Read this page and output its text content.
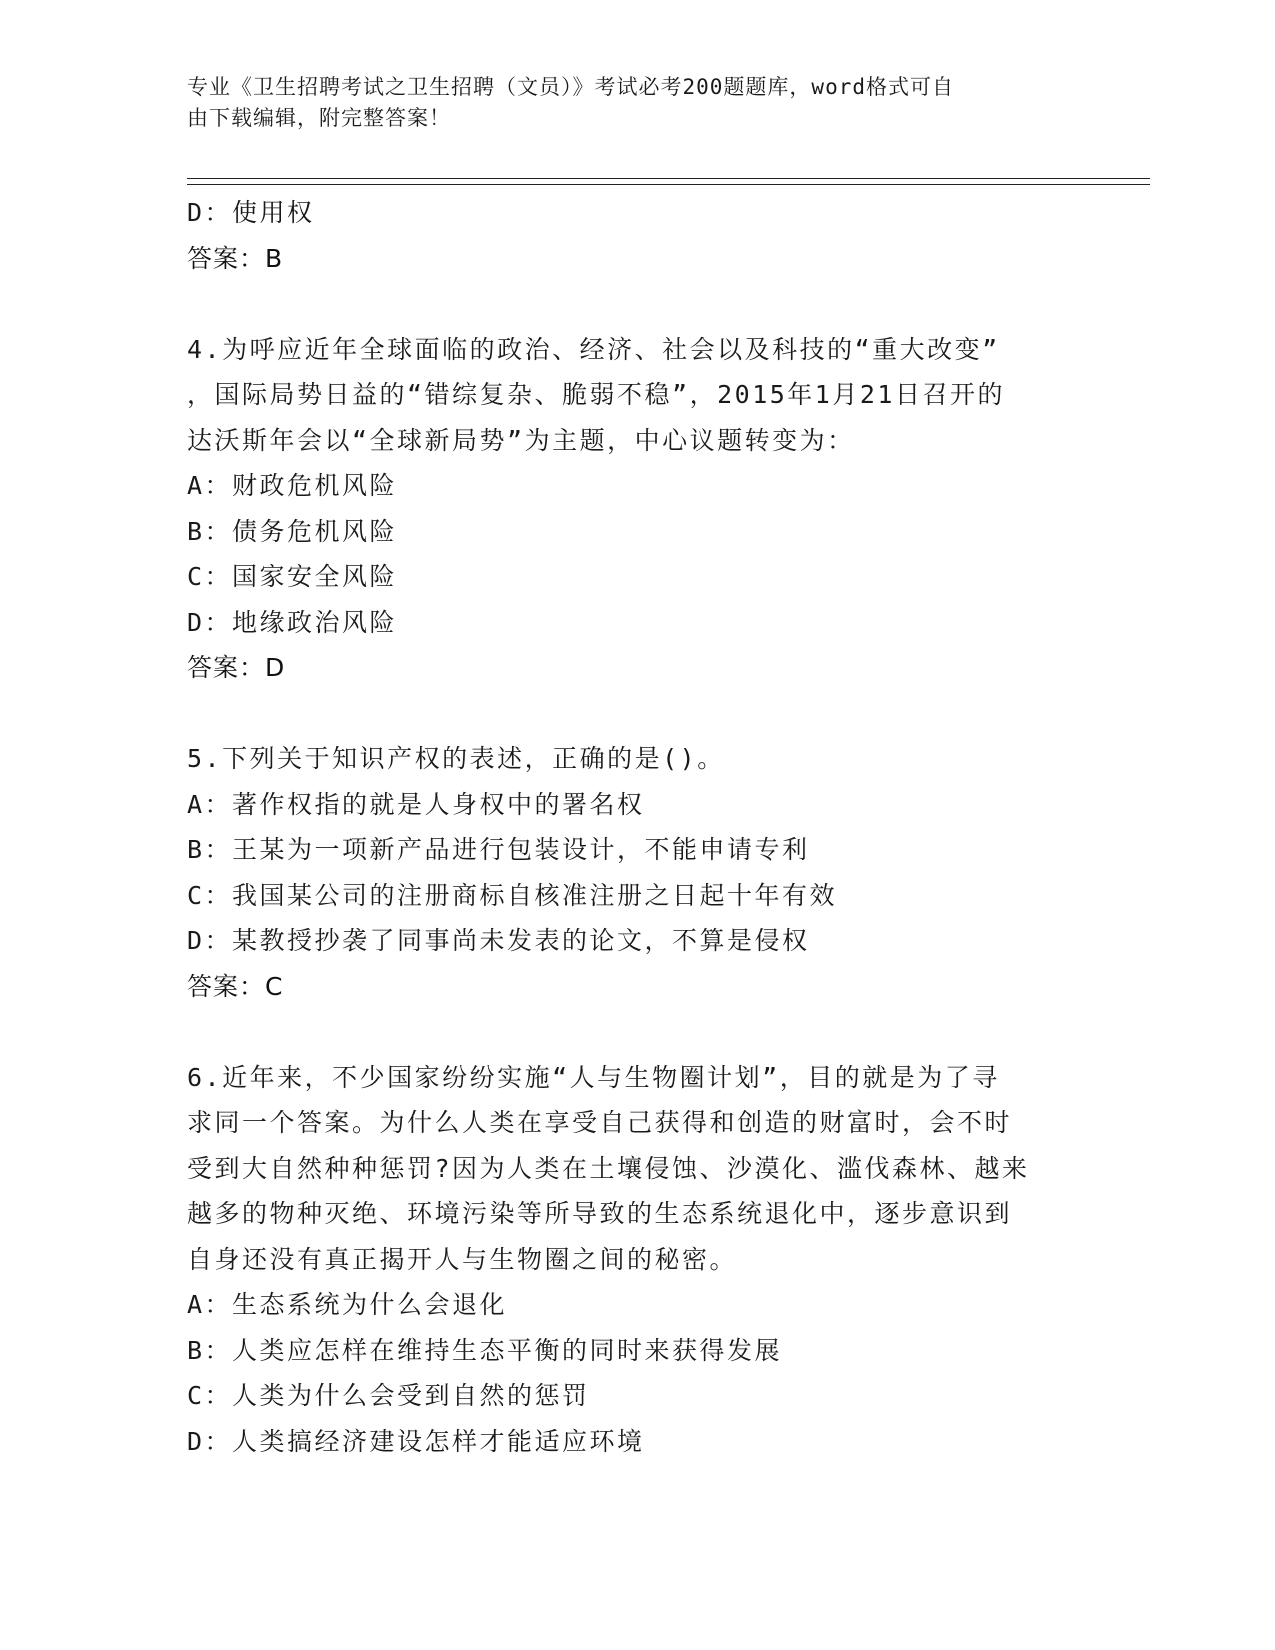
专业《卫生招聘考试之卫生招聘（文员）》考试必考200题题库，word格式可自
由下载编辑，附完整答案！
D：使用权
答案：B
4.为呼应近年全球面临的政治、经济、社会以及科技的“重大改变”
，国际局势日益的“错综复杂、脆弱不稳”，2015年1月21日召开的
达沃斯年会以“全球新局势”为主题，中心议题转变为：
A：财政危机风险
B：债务危机风险
C：国家安全风险
D：地缘政治风险
答案：D
5.下列关于知识产权的表述，正确的是()。
A：著作权指的就是人身权中的署名权
B：王某为一项新产品进行包装设计，不能申请专利
C：我国某公司的注册商标自核准注册之日起十年有效
D：某教授抄袭了同事尚未发表的论文，不算是侵权
答案：C
6.近年来，不少国家纷纷实施“人与生物圈计划”，目的就是为了寻
求同一个答案。为什么人类在享受自己获得和创造的财富时，会不时
受到大自然种种惩罚?因为人类在土壤侵蚀、沙漠化、滥伐森林、越来
越多的物种灭绝、环境污染等所导致的生态系统退化中，逐步意识到
自身还没有真正揭开人与生物圈之间的秘密。
A：生态系统为什么会退化
B：人类应怎样在维持生态平衡的同时来获得发展
C：人类为什么会受到自然的惩罚
D：人类搞经济建设怎样才能适应环境
